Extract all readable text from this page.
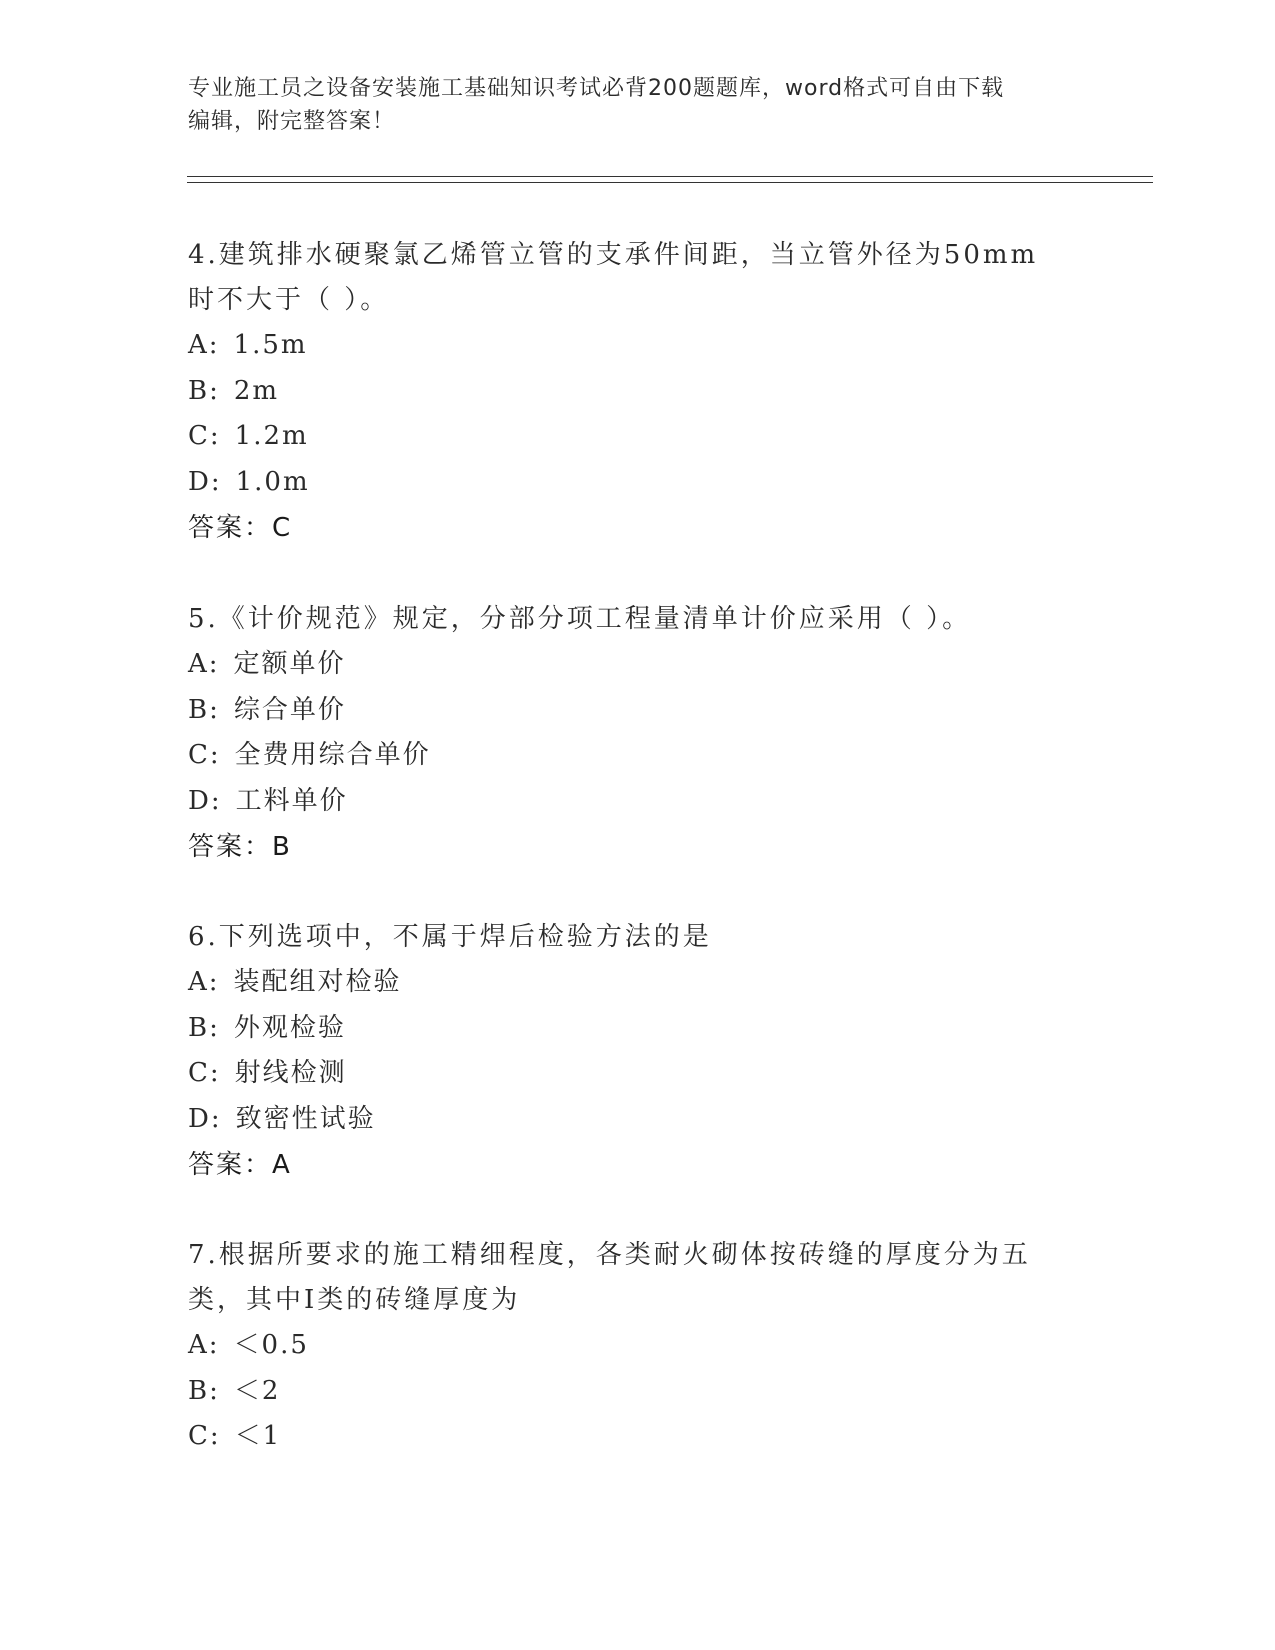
专业施工员之设备安装施工基础知识考试必背200题题库，word格式可自由下载
编辑，附完整答案！
4.建筑排水硬聚氯乙烯管立管的支承件间距，当立管外径为50mm时不大于（ ）。
A: 1.5m
B: 2m
C: 1.2m
D: 1.0m
答案：C
5.《计价规范》规定，分部分项工程量清单计价应采用（ ）。
A: 定额单价
B: 综合单价
C: 全费用综合单价
D: 工料单价
答案：B
6.下列选项中，不属于焊后检验方法的是
A: 装配组对检验
B: 外观检验
C: 射线检测
D: 致密性试验
答案：A
7.根据所要求的施工精细程度，各类耐火砌体按砖缝的厚度分为五类，其中Ⅰ类的砖缝厚度为
A: ＜0.5
B: ＜2
C: ＜1
